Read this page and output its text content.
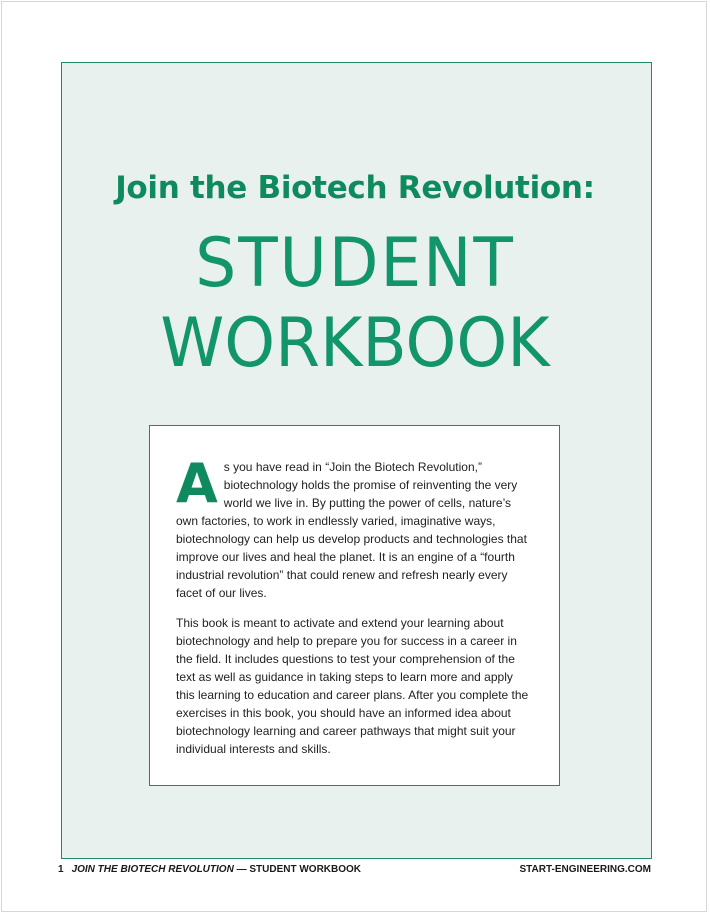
Join the Biotech Revolution:
STUDENT
WORKBOOK

As you have read in “Join the Biotech Revolution,” biotechnology holds the promise of reinventing the very world we live in. By putting the power of cells, nature’s own factories, to work in endlessly varied, imaginative ways, biotechnology can help us develop products and technologies that improve our lives and heal the planet. It is an engine of a “fourth industrial revolution” that could renew and refresh nearly every facet of our lives.

This book is meant to activate and extend your learning about biotechnology and help to prepare you for success in a career in the field. It includes questions to test your comprehension of the text as well as guidance in taking steps to learn more and apply this learning to education and career plans. After you complete the exercises in this book, you should have an informed idea about biotechnology learning and career pathways that might suit your individual interests and skills.

1 JOIN THE BIOTECH REVOLUTION — STUDENT WORKBOOK	START-ENGINEERING.COM
